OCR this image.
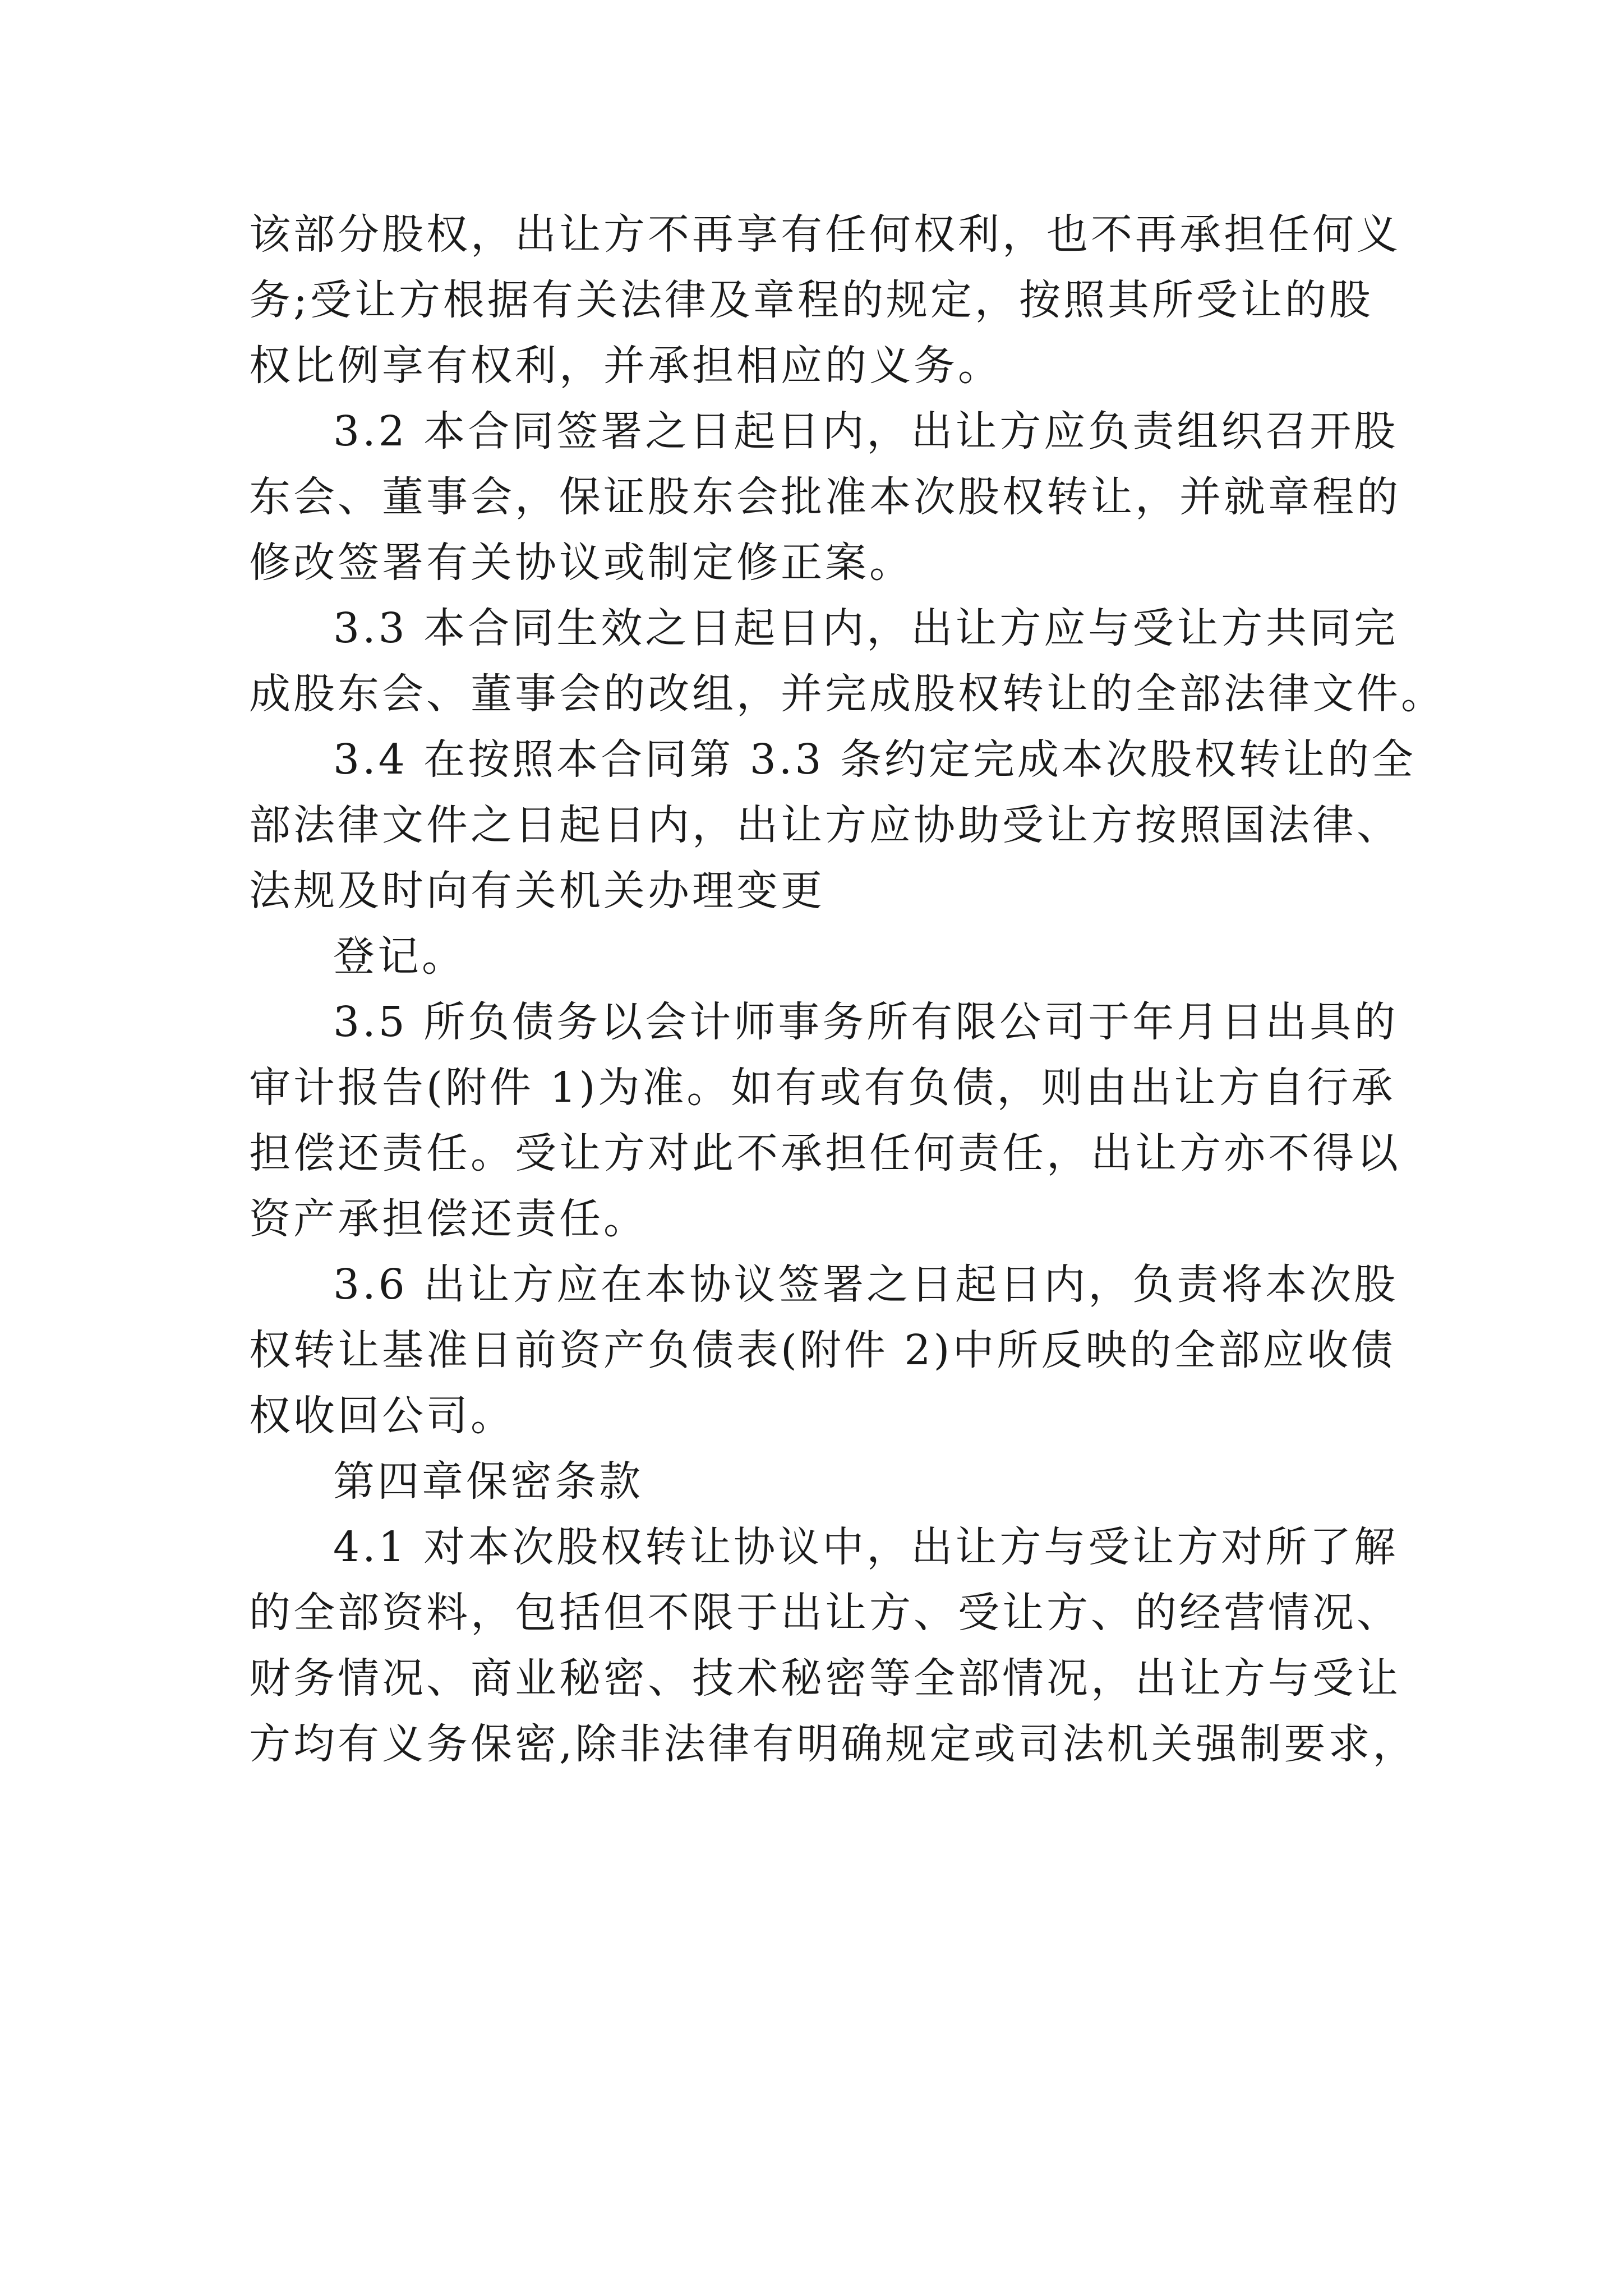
该部分股权，出让方不再享有任何权利，也不再承担任何义
务;受让方根据有关法律及章程的规定，按照其所受让的股
权比例享有权利，并承担相应的义务。
3.2 本合同签署之日起日内，出让方应负责组织召开股
东会、董事会，保证股东会批准本次股权转让，并就章程的
修改签署有关协议或制定修正案。
3.3 本合同生效之日起日内，出让方应与受让方共同完
成股东会、董事会的改组，并完成股权转让的全部法律文件。
3.4 在按照本合同第 3.3 条约定完成本次股权转让的全
部法律文件之日起日内，出让方应协助受让方按照国法律、
法规及时向有关机关办理变更
登记。
3.5 所负债务以会计师事务所有限公司于年月日出具的
审计报告(附件 1)为准。如有或有负债，则由出让方自行承
担偿还责任。受让方对此不承担任何责任，出让方亦不得以
资产承担偿还责任。
3.6 出让方应在本协议签署之日起日内，负责将本次股
权转让基准日前资产负债表(附件 2)中所反映的全部应收债
权收回公司。
第四章保密条款
4.1 对本次股权转让协议中，出让方与受让方对所了解
的全部资料，包括但不限于出让方、受让方、的经营情况、
财务情况、商业秘密、技术秘密等全部情况，出让方与受让
方均有义务保密,除非法律有明确规定或司法机关强制要求，
